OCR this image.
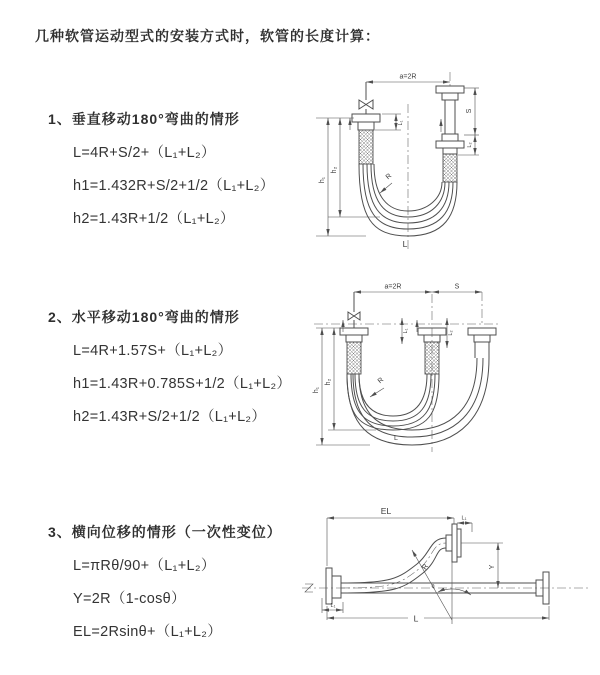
几种软管运动型式的安装方式时，软管的长度计算：
1、垂直移动180°弯曲的情形
L=4R+S/2+（L₁+L₂）
h1=1.432R+S/2+1/2（L₁+L₂）
h2=1.43R+1/2（L₁+L₂）
2、水平移动180°弯曲的情形
L=4R+1.57S+（L₁+L₂）
h1=1.43R+0.785S+1/2（L₁+L₂）
h2=1.43R+S/2+1/2（L₁+L₂）
3、横向位移的情形（一次性变位）
L=πRθ/90+（L₁+L₂）
Y=2R（1-cosθ）
EL=2Rsinθ+（L₁+L₂）
a=2R
h₁
h₂
L₁
S
L₂
R
L
a=2R	S
L₁	L₂
h₁
h₂	R
L
EL
L₁
Y
R
θ
L
L₁
